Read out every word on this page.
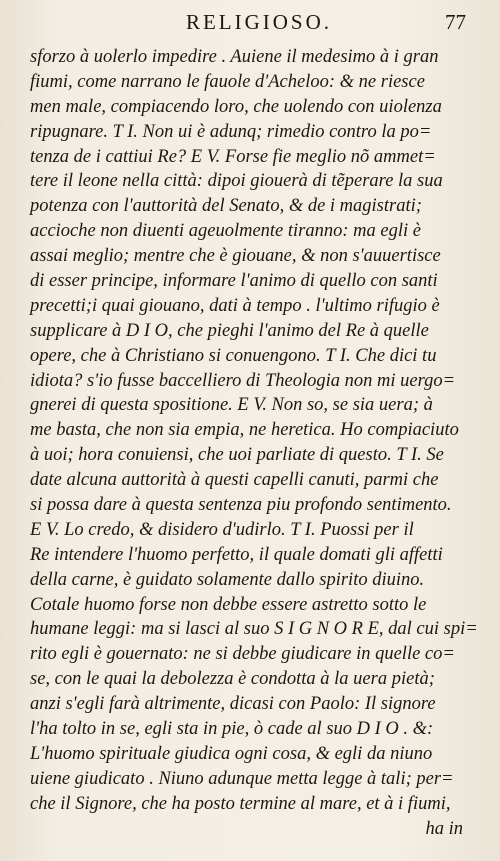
RELIGIOSO.	77
sforzo à uolerlo impedire . Auiene il medesimo à i gran
fiumi, come narrano le fauole d'Acheloo: & ne riesce
men male, compiacendo loro, che uolendo con uiolenza
ripugnare. T I. Non ui è adunq; rimedio contro la po=
tenza de i cattiui Re? E V. Forse fie meglio nõ ammet=
tere il leone nella città: dipoi giouerà di tẽperare la sua
potenza con l'auttorità del Senato, & de i magistrati;
accioche non diuenti ageuolmente tiranno: ma egli è
assai meglio; mentre che è giouane, & non s'auuertisce
di esser principe, informare l'animo di quello con santi
precetti;i quai giouano, dati à tempo . l'ultimo rifugio è
supplicare à D I O, che pieghi l'animo del Re à quelle
opere, che à Christiano si conuengono. T I. Che dici tu
idiota? s'io fusse baccelliero di Theologia non mi uergo=
gnerei di questa spositione. E V. Non so, se sia uera; à
me basta, che non sia empia, ne heretica. Ho compiaciuto
à uoi; hora conuiensi, che uoi parliate di questo. T I. Se
date alcuna auttorità à questi capelli canuti, parmi che
si possa dare à questa sentenza piu profondo sentimento.
E V. Lo credo, & disidero d'udirlo. T I. Puossi per il
Re intendere l'huomo perfetto, il quale domati gli affetti
della carne, è guidato solamente dallo spirito diuino.
Cotale huomo forse non debbe essere astretto sotto le
humane leggi: ma si lasci al suo S I G N O R E, dal cui spi=
rito egli è gouernato: ne si debbe giudicare in quelle co=
se, con le quai la debolezza è condotta à la uera pietà;
anzi s'egli farà altrimente, dicasi con Paolo: Il signore
l'ha tolto in se, egli sta in pie, ò cade al suo D I O . &:
L'huomo spirituale giudica ogni cosa, & egli da niuno
uiene giudicato . Niuno adunque metta legge à tali; per=
che il Signore, che ha posto termine al mare, et à i fiumi,
ha in
